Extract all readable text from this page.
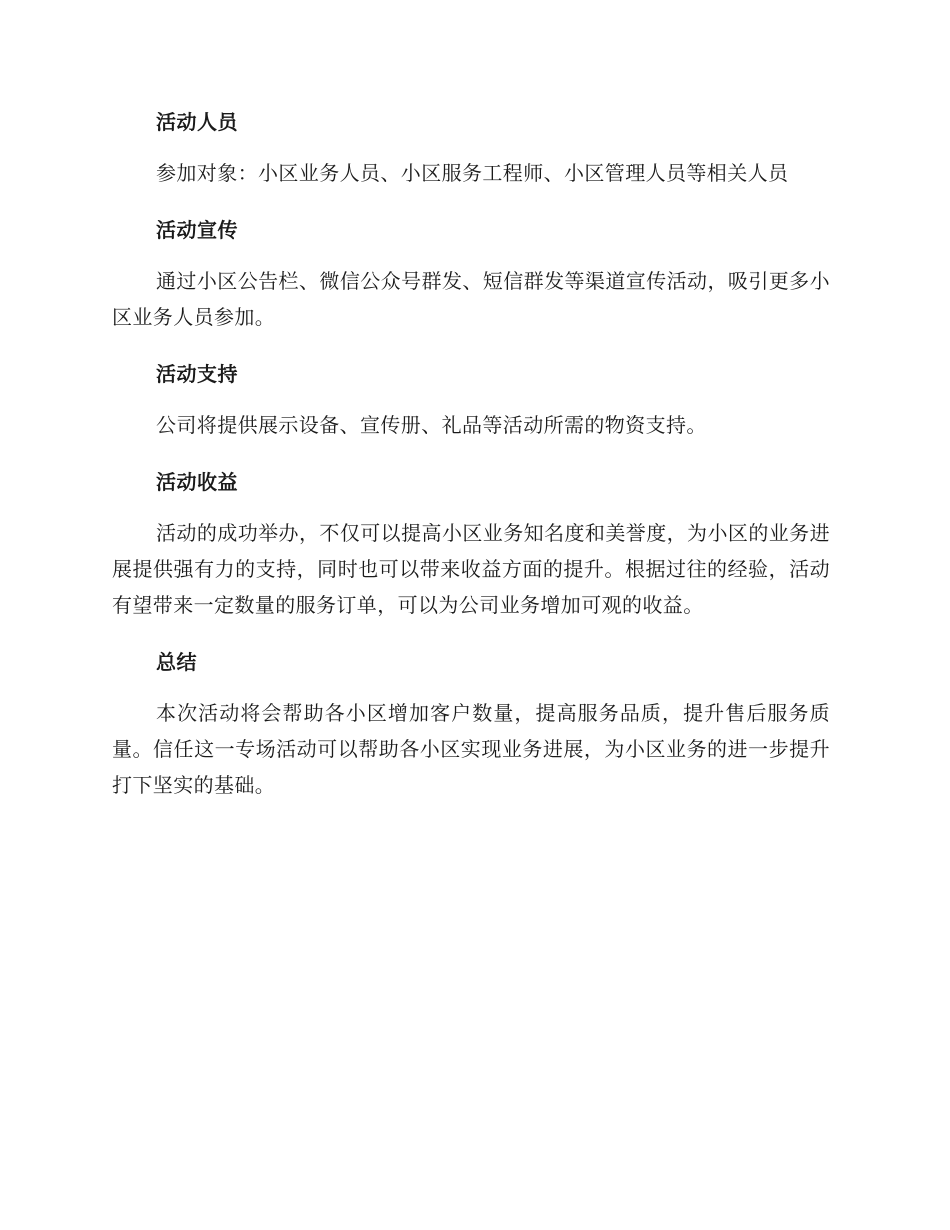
活动人员

参加对象：小区业务人员、小区服务工程师、小区管理人员等相关人员

活动宣传

通过小区公告栏、微信公众号群发、短信群发等渠道宣传活动，吸引更多小区业务人员参加。

活动支持

公司将提供展示设备、宣传册、礼品等活动所需的物资支持。

活动收益

活动的成功举办，不仅可以提高小区业务知名度和美誉度，为小区的业务进展提供强有力的支持，同时也可以带来收益方面的提升。根据过往的经验，活动有望带来一定数量的服务订单，可以为公司业务增加可观的收益。

总结

本次活动将会帮助各小区增加客户数量，提高服务品质，提升售后服务质量。信任这一专场活动可以帮助各小区实现业务进展，为小区业务的进一步提升打下坚实的基础。
